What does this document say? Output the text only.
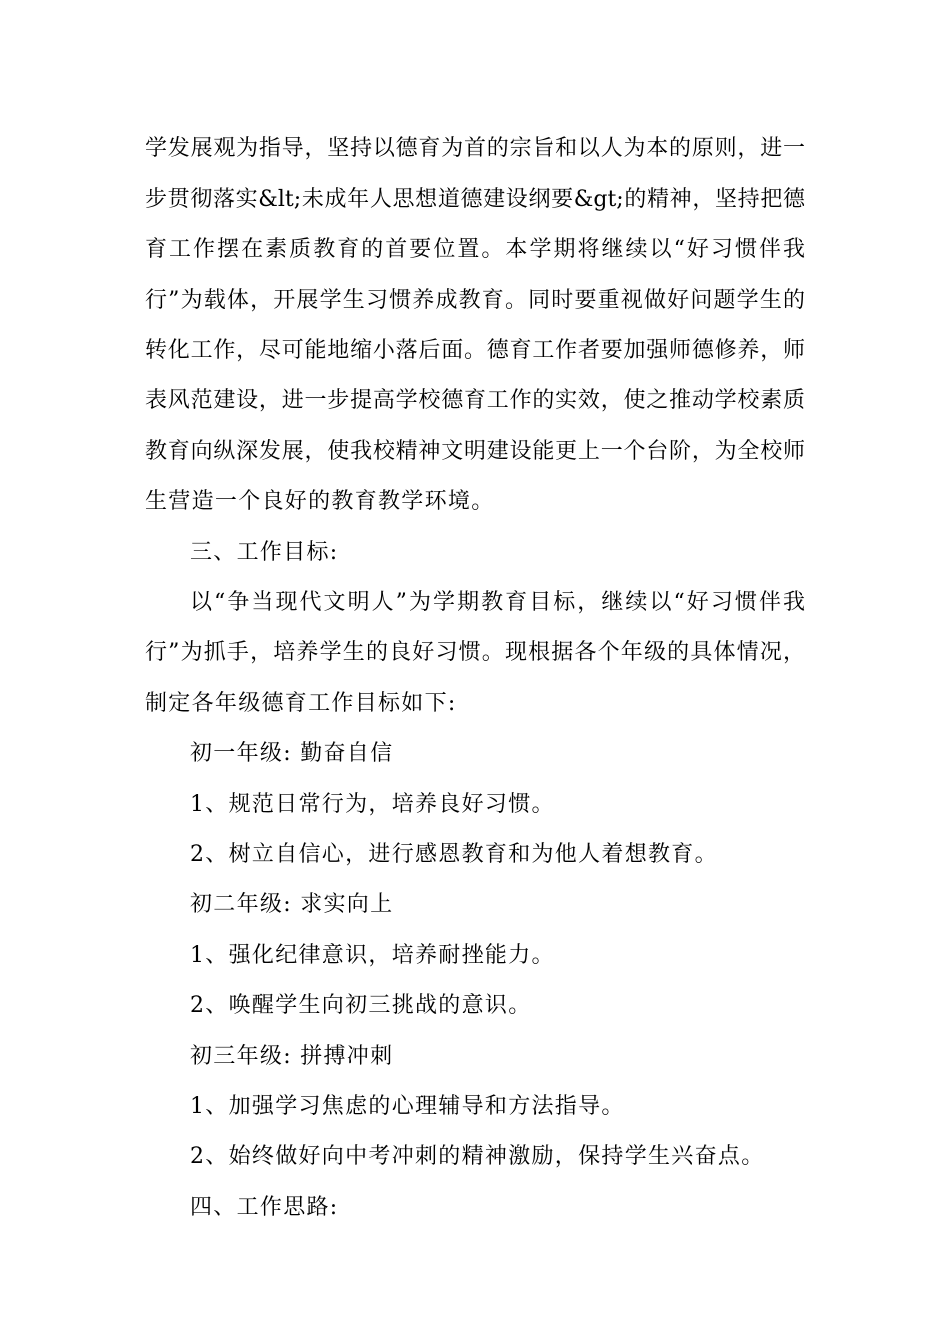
学发展观为指导，坚持以德育为首的宗旨和以人为本的原则，进一
步贯彻落实&lt;未成年人思想道德建设纲要&gt;的精神，坚持把德
育工作摆在素质教育的首要位置。本学期将继续以“好习惯伴我
行”为载体，开展学生习惯养成教育。同时要重视做好问题学生的
转化工作，尽可能地缩小落后面。德育工作者要加强师德修养，师
表风范建设，进一步提高学校德育工作的实效，使之推动学校素质
教育向纵深发展，使我校精神文明建设能更上一个台阶，为全校师
生营造一个良好的教育教学环境。
三、工作目标:
以“争当现代文明人”为学期教育目标，继续以“好习惯伴我
行”为抓手，培养学生的良好习惯。现根据各个年级的具体情况，
制定各年级德育工作目标如下:
初一年级: 勤奋自信
1、规范日常行为，培养良好习惯。
2、树立自信心，进行感恩教育和为他人着想教育。
初二年级: 求实向上
1、强化纪律意识，培养耐挫能力。
2、唤醒学生向初三挑战的意识。
初三年级: 拼搏冲刺
1、加强学习焦虑的心理辅导和方法指导。
2、始终做好向中考冲刺的精神激励，保持学生兴奋点。
四、工作思路:
